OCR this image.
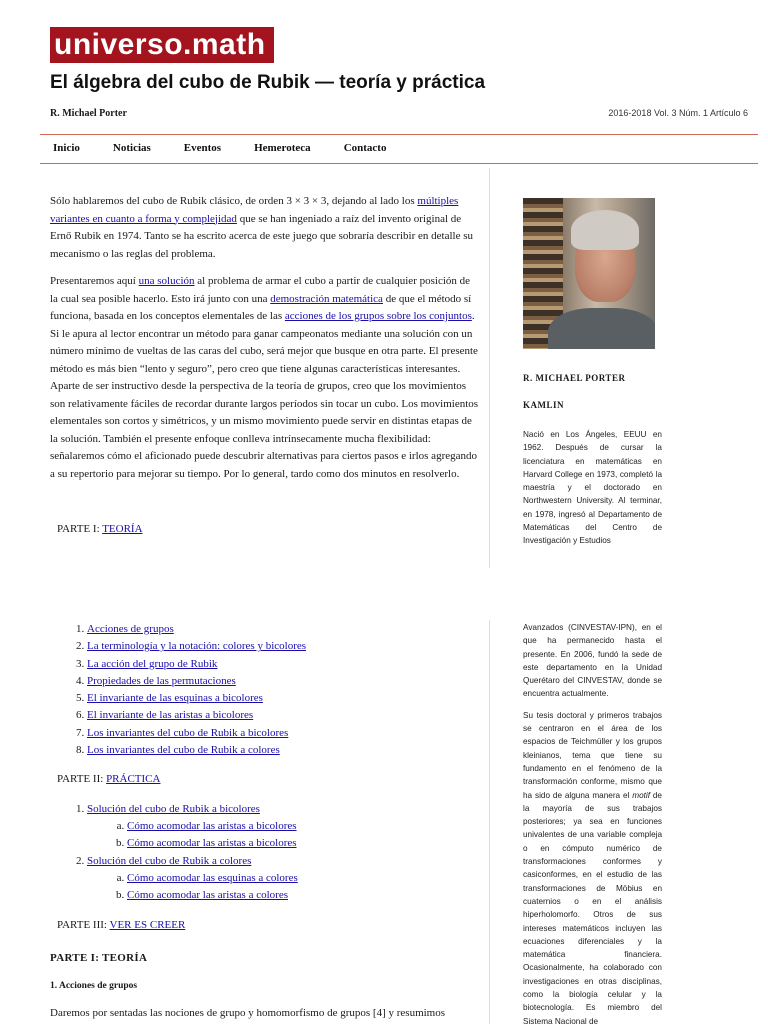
universo.math
El álgebra del cubo de Rubik — teoría y práctica
R. Michael Porter	2016-2018 Vol. 3 Núm. 1 Artículo 6
Inicio	Noticias	Eventos	Hemeroteca	Contacto

Sólo hablaremos del cubo de Rubik clásico, de orden 3 × 3 × 3, dejando al lado los múltiples variantes en cuanto a forma y complejidad que se han ingeniado a raíz del invento original de Ernő Rubik en 1974. Tanto se ha escrito acerca de este juego que sobraría describir en detalle su mecanismo o las reglas del problema.

Presentaremos aquí una solución al problema de armar el cubo a partir de cualquier posición de la cual sea posible hacerlo. Esto irá junto con una demostración matemática de que el método sí funciona, basada en los conceptos elementales de las acciones de los grupos sobre los conjuntos. Si le apura al lector encontrar un método para ganar campeonatos mediante una solución con un número mínimo de vueltas de las caras del cubo, será mejor que busque en otra parte. El presente método es más bien “lento y seguro”, pero creo que tiene algunas características interesantes. Aparte de ser instructivo desde la perspectiva de la teoría de grupos, creo que los movimientos son relativamente fáciles de recordar durante largos períodos sin tocar un cubo. Los movimientos elementales son cortos y simétricos, y un mismo movimiento puede servir en distintas etapas de la solución. También el presente enfoque conlleva intrínsecamente mucha flexibilidad: señalaremos cómo el aficionado puede descubrir alternativas para ciertos pasos e irlos agregando a su repertorio para mejorar su tiempo. Por lo general, tardo como dos minutos en resolverlo.

PARTE I: TEORÍA

1. Acciones de grupos
2. La terminología y la notación: colores y bicolores
3. La acción del grupo de Rubik
4. Propiedades de las permutaciones
5. El invariante de las esquinas a bicolores
6. El invariante de las aristas a bicolores
7. Los invariantes del cubo de Rubik a bicolores
8. Los invariantes del cubo de Rubik a colores

PARTE II: PRÁCTICA

1. Solución del cubo de Rubik a bicolores
a. Cómo acomodar las aristas a bicolores
b. Cómo acomodar las aristas a bicolores
2. Solución del cubo de Rubik a colores
a. Cómo acomodar las esquinas a colores
b. Cómo acomodar las aristas a colores

PARTE III: VER ES CREER

PARTE I: TEORÍA
1. Acciones de grupos

Daremos por sentadas las nociones de grupo y homomorfismo de grupos [4] y resumimos

R. MICHAEL PORTER
KAMLIN

Nació en Los Ángeles, EEUU en 1962. Después de cursar la licenciatura en matemáticas en Harvard College en 1973, completó la maestría y el doctorado en Northwestern University. Al terminar, en 1978, ingresó al Departamento de Matemáticas del Centro de Investigación y Estudios

Avanzados (CINVESTAV-IPN), en el que ha permanecido hasta el presente. En 2006, fundó la sede de este departamento en la Unidad Querétaro del CINVESTAV, donde se encuentra actualmente.

Su tesis doctoral y primeros trabajos se centraron en el área de los espacios de Teichmüller y los grupos kleinianos, tema que tiene su fundamento en el fenómeno de la transformación conforme, mismo que ha sido de alguna manera el motif de la mayoría de sus trabajos posteriores; ya sea en funciones univalentes de una variable compleja o en cómputo numérico de transformaciones conformes y casiconformes, en el estudio de las transformaciones de Möbius en cuaternios o en el análisis hiperholomorfo. Otros de sus intereses matemáticos incluyen las ecuaciones diferenciales y la matemática financiera. Ocasionalmente, ha colaborado con investigaciones en otras disciplinas, como la biología celular y la biotecnología. Es miembro del Sistema Nacional de
